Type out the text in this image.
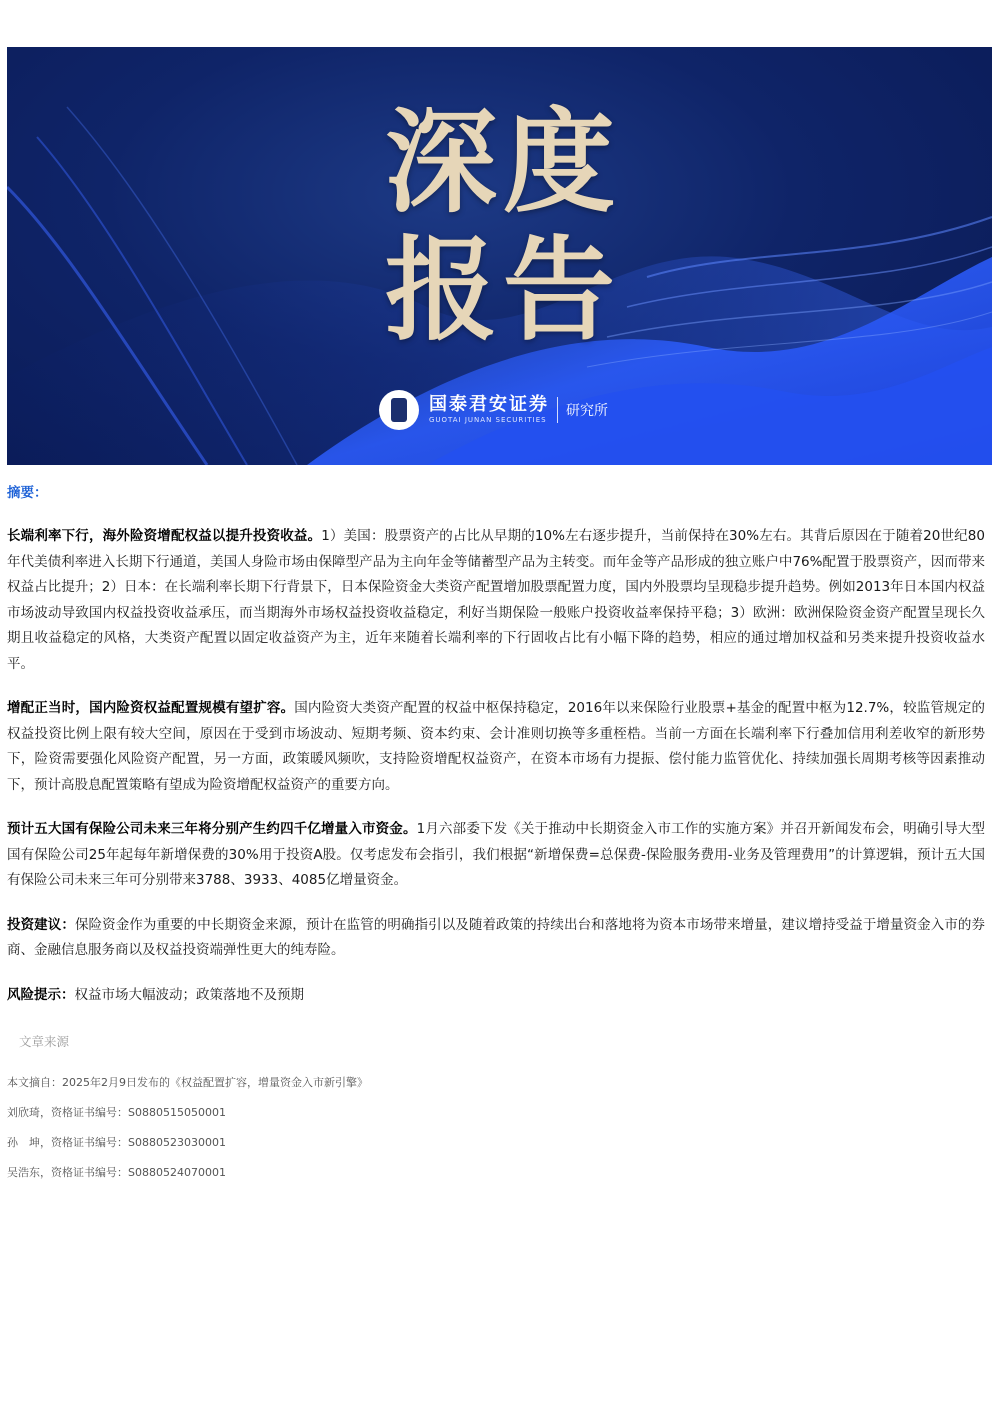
深度
报告
国泰君安证券
GUOTAI JUNAN SECURITIES
研究所
摘要：

长端利率下行，海外险资增配权益以提升投资收益。1）美国：股票资产的占比从早期的10%左右逐步提升，当前保持在30%左右。其背后原因在于随着20世纪80年代美债利率进入长期下行通道，美国人身险市场由保障型产品为主向年金等储蓄型产品为主转变。而年金等产品形成的独立账户中76%配置于股票资产，因而带来权益占比提升；2）日本：在长端利率长期下行背景下，日本保险资金大类资产配置增加股票配置力度，国内外股票均呈现稳步提升趋势。例如2013年日本国内权益市场波动导致国内权益投资收益承压，而当期海外市场权益投资收益稳定，利好当期保险一般账户投资收益率保持平稳；3）欧洲：欧洲保险资金资产配置呈现长久期且收益稳定的风格，大类资产配置以固定收益资产为主，近年来随着长端利率的下行固收占比有小幅下降的趋势，相应的通过增加权益和另类来提升投资收益水平。

增配正当时，国内险资权益配置规模有望扩容。国内险资大类资产配置的权益中枢保持稳定，2016年以来保险行业股票+基金的配置中枢为12.7%，较监管规定的权益投资比例上限有较大空间，原因在于受到市场波动、短期考频、资本约束、会计准则切换等多重桎梏。当前一方面在长端利率下行叠加信用利差收窄的新形势下，险资需要强化风险资产配置，另一方面，政策暖风频吹，支持险资增配权益资产，在资本市场有力提振、偿付能力监管优化、持续加强长周期考核等因素推动下，预计高股息配置策略有望成为险资增配权益资产的重要方向。

预计五大国有保险公司未来三年将分别产生约四千亿增量入市资金。1月六部委下发《关于推动中长期资金入市工作的实施方案》并召开新闻发布会，明确引导大型国有保险公司25年起每年新增保费的30%用于投资A股。仅考虑发布会指引，我们根据“新增保费=总保费-保险服务费用-业务及管理费用”的计算逻辑，预计五大国有保险公司未来三年可分别带来3788、3933、4085亿增量资金。

投资建议：保险资金作为重要的中长期资金来源，预计在监管的明确指引以及随着政策的持续出台和落地将为资本市场带来增量，建议增持受益于增量资金入市的券商、金融信息服务商以及权益投资端弹性更大的纯寿险。

风险提示：权益市场大幅波动；政策落地不及预期

文章来源
本文摘自：2025年2月9日发布的《权益配置扩容，增量资金入市新引擎》
刘欣琦，资格证书编号：S0880515050001
孙　坤，资格证书编号：S0880523030001
吴浩东，资格证书编号：S0880524070001
